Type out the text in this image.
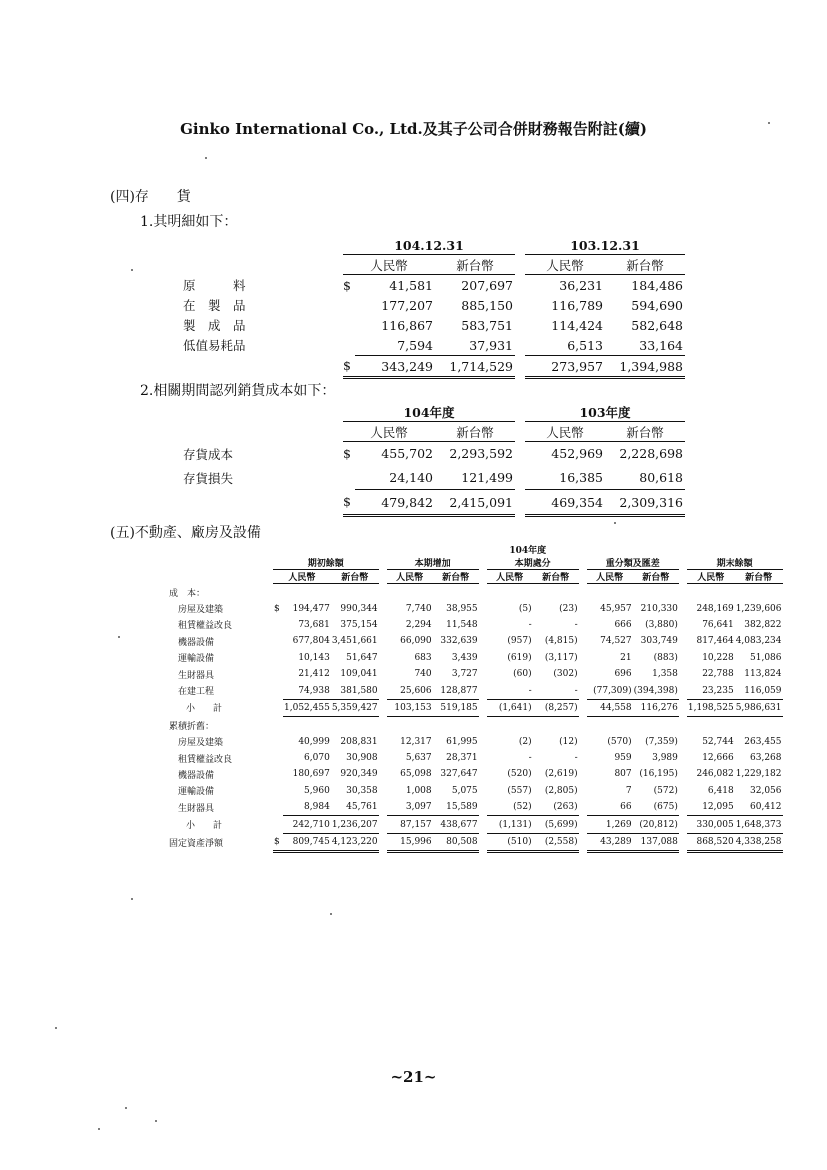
Ginko International Co., Ltd.及其子公司合併財務報告附註(續)
(四)存　　貨
1.其明細如下：
	104.12.31				103.12.31	
	人民幣		新台幣		人民幣	新台幣
原　　　料	$	41,581	207,697		36,231	184,486
在　製　品		177,207	885,150		116,789	594,690
製　成　品		116,867	583,751		114,424	582,648
低值易耗品		7,594	37,931		6,513	33,164
	$	343,249	1,714,529		273,957	1,394,988
2.相關期間認列銷貨成本如下：
	104年度				103年度	
	人民幣		新台幣		人民幣	新台幣
存貨成本	$	455,702	2,293,592		452,969	2,228,698
存貨損失		24,140	121,499		16,385	80,618
	$	479,842	2,415,091		469,354	2,309,316
(五)不動產、廠房及設備
	104年度														
	期初餘額				本期增加			本期處分			重分類及匯差			期末餘額	
	人民幣		新台幣		人民幣	新台幣		人民幣	新台幣		人民幣	新台幣		人民幣	新台幣
成　本：															
房屋及建築	$	194,477	990,344		7,740	38,955		(5)	(23)		45,957	210,330		248,169	1,239,606
租賃權益改良		73,681	375,154		2,294	11,548		-	-		666	(3,880)		76,641	382,822
機器設備		677,804	3,451,661		66,090	332,639		(957)	(4,815)		74,527	303,749		817,464	4,083,234
運輸設備		10,143	51,647		683	3,439		(619)	(3,117)		21	(883)		10,228	51,086
生財器具		21,412	109,041		740	3,727		(60)	(302)		696	1,358		22,788	113,824
在建工程		74,938	381,580		25,606	128,877		-	-		(77,309)	(394,398)		23,235	116,059
小　　計		1,052,455	5,359,427		103,153	519,185		(1,641)	(8,257)		44,558	116,276		1,198,525	5,986,631
累積折舊：															
房屋及建築		40,999	208,831		12,317	61,995		(2)	(12)		(570)	(7,359)		52,744	263,455
租賃權益改良		6,070	30,908		5,637	28,371		-	-		959	3,989		12,666	63,268
機器設備		180,697	920,349		65,098	327,647		(520)	(2,619)		807	(16,195)		246,082	1,229,182
運輸設備		5,960	30,358		1,008	5,075		(557)	(2,805)		7	(572)		6,418	32,056
生財器具		8,984	45,761		3,097	15,589		(52)	(263)		66	(675)		12,095	60,412
小　　計		242,710	1,236,207		87,157	438,677		(1,131)	(5,699)		1,269	(20,812)		330,005	1,648,373
固定資產淨額	$	809,745	4,123,220		15,996	80,508		(510)	(2,558)		43,289	137,088		868,520	4,338,258
~21~
